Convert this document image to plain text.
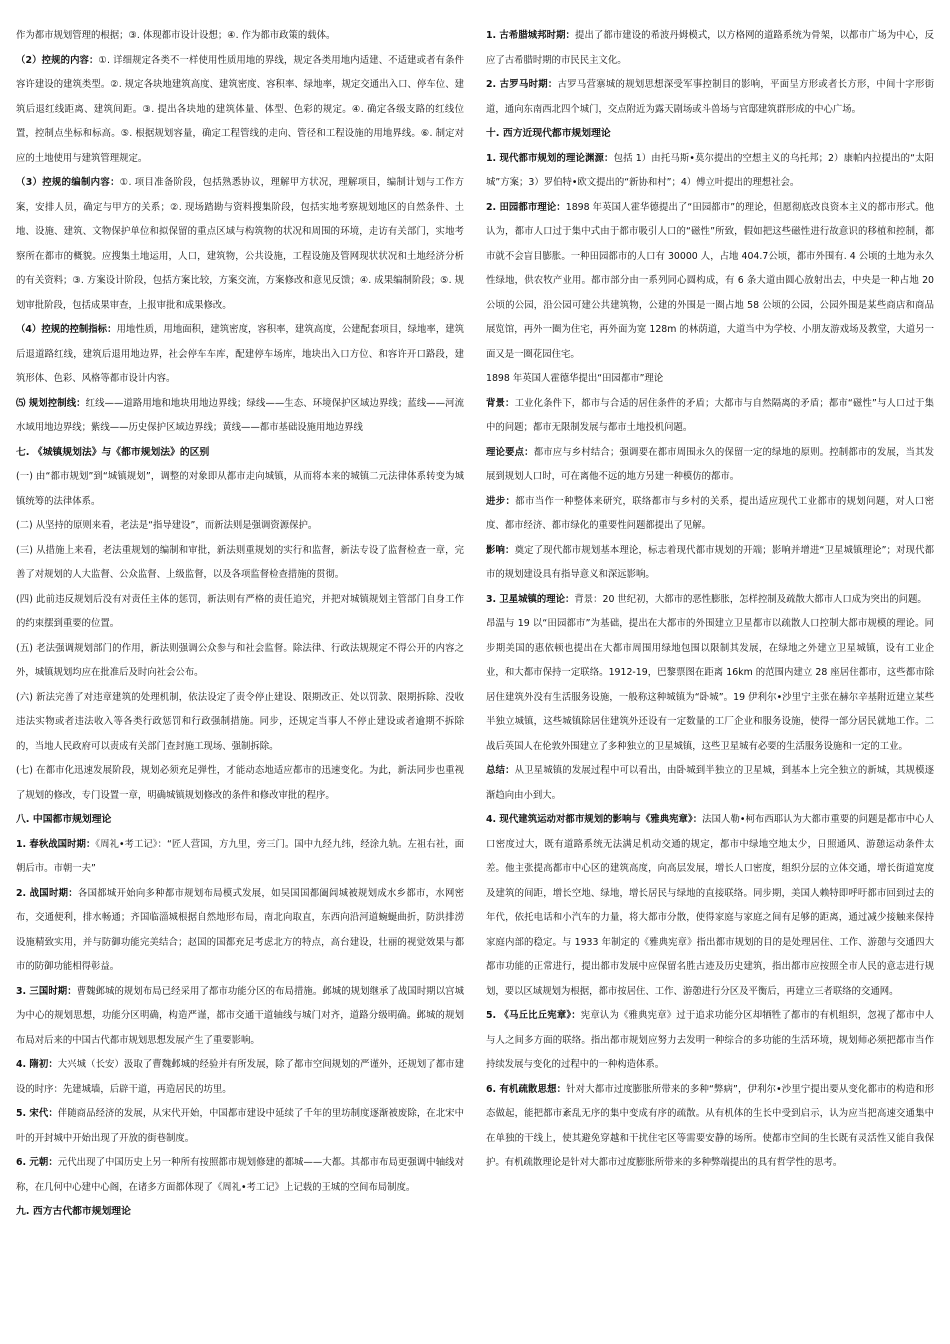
作为都市规划管理的根据；③. 体现都市设计设想；④. 作为都市政策的载体。

（2）控规的内容：①. 详细规定各类不一样使用性质用地的界线，规定各类用地内适建、不适建或者有条件容许建设的建筑类型。②. 规定各块地建筑高度、建筑密度、容积率、绿地率，规定交通出入口、停车位、建筑后退红线距离、建筑间距。③. 提出各块地的建筑体量、体型、色彩的规定。④. 确定各级支路的红线位置，控制点坐标和标高。⑤. 根据规划容量，确定工程管线的走向、管径和工程设施的用地界线。⑥. 制定对应的土地使用与建筑管理规定。

（3）控规的编制内容：①. 项目准备阶段，包括熟悉协议，理解甲方状况，理解项目，编制计划与工作方案，安排人员，确定与甲方的关系；②. 现场踏勘与资料搜集阶段，包括实地考察规划地区的自然条件、土地、设施、建筑、文物保护单位和拟保留的重点区域与构筑物的状况和周围的环境，走访有关部门，实地考察所在都市的概貌。应搜集土地运用，人口，建筑物，公共设施，工程设施及管网现状状况和土地经济分析的有关资料；③. 方案设计阶段，包括方案比较，方案交流，方案修改和意见反馈；④. 成果编制阶段；⑤. 规划审批阶段，包括成果审查，上报审批和成果修改。

（4）控规的控制指标：用地性质，用地面积，建筑密度，容积率，建筑高度，公建配套项目，绿地率，建筑后退道路红线，建筑后退用地边界，社会停车车库，配建停车场库，地块出入口方位、和容许开口路段，建筑形体、色彩、风格等都市设计内容。

⑸ 规划控制线：红线——道路用地和地块用地边界线；绿线——生态、环境保护区域边界线；蓝线——河流水域用地边界线；紫线——历史保护区域边界线；黄线——都市基础设施用地边界线

七. 《城镇规划法》与《都市规划法》的区别

(一) 由“都市规划”到“城镇规划”，调整的对象即从都市走向城镇，从而将本来的城镇二元法律体系转变为城镇统筹的法律体系。

(二) 从坚持的原则来看，老法是“指导建设”，而新法则是强调资源保护。

(三) 从措施上来看，老法重规划的编制和审批，新法则重规划的实行和监督，新法专设了监督检查一章，完善了对规划的人大监督、公众监督、上级监督，以及各项监督检查措施的贯彻。

(四) 此前违反规划后没有对责任主体的惩罚，新法则有严格的责任追究，并把对城镇规划主管部门自身工作的约束摆到重要的位置。

(五) 老法强调规划部门的作用，新法则强调公众参与和社会监督。除法律、行政法规规定不得公开的内容之外，城镇规划均应在批准后及时向社会公布。

(六) 新法完善了对违章建筑的处理机制，依法设定了责令停止建设、限期改正、处以罚款、限期拆除、没收违法实物或者违法收入等各类行政惩罚和行政强制措施。同步，还规定当事人不停止建设或者逾期不拆除的，当地人民政府可以责成有关部门查封施工现场、强制拆除。

(七) 在都市化迅速发展阶段，规划必须充足弹性，才能动态地适应都市的迅速变化。为此，新法同步也重视了规划的修改，专门设置一章，明确城镇规划修改的条件和修改审批的程序。

八. 中国都市规划理论

1. 春秋战国时期：《周礼•考工记》：“匠人营国，方九里，旁三门。国中九经九纬，经涂九轨。左祖右社，面朝后市。市朝一夫”

2. 战国时期：各国都城开始向多种都市规划布局模式发展，如吴国国都阖闾城被规划成水乡都市，水网密布，交通便利，排水畅通；齐国临淄城根据自然地形布局，南北向取直，东西向沿河道蜿蜒曲折，防洪排涝设施精致实用，并与防御功能完美结合；赵国的国都充足考虑北方的特点，高台建设，壮丽的视觉效果与都市的防御功能相得彰益。

3. 三国时期：曹魏邺城的规划布局已经采用了都市功能分区的布局措施。邺城的规划继承了战国时期以宫城为中心的规划思想，功能分区明确，构造严谨，都市交通干道轴线与城门对齐，道路分级明确。邺城的规划布局对后来的中国古代都市规划思想发展产生了重要影响。

4. 隋初：大兴城（长安）汲取了曹魏邺城的经验并有所发展，除了都市空间规划的严谨外，还规划了都市建设的时序：先建城墙，后辟干道，再造居民的坊里。

5. 宋代：伴随商品经济的发展，从宋代开始，中国都市建设中延续了千年的里坊制度逐渐被废除，在北宋中叶的开封城中开始出现了开放的街巷制度。

6. 元朝：元代出现了中国历史上另一种所有按照都市规划修建的都城——大都。其都市布局更强调中轴线对称，在几何中心建中心阁，在诸多方面都体现了《周礼•考工记》上记载的王城的空间布局制度。

九. 西方古代都市规划理论

1. 古希腊城邦时期：提出了都市建设的希波丹姆模式，以方格网的道路系统为骨架，以都市广场为中心，反应了古希腊时期的市民民主文化。

2. 古罗马时期：古罗马营寨城的规划思想深受军事控制目的影响，平面呈方形或者长方形，中间十字形街道，通向东南西北四个城门，交点附近为露天剧场或斗兽场与官邸建筑群形成的中心广场。

十. 西方近现代都市规划理论

1. 现代都市规划的理论渊源：包括 1）由托马斯•莫尔提出的空想主义的乌托邦；2）康帕内拉提出的“太阳城”方案；3）罗伯特•欧文提出的“新协和村”；4）傅立叶提出的理想社会。

2. 田园都市理论：1898 年英国人霍华德提出了“田园都市”的理论，但愿彻底改良资本主义的都市形式。他认为，都市人口过于集中式由于都市吸引人口的“磁性”所致，假如把这些磁性进行故意识的移植和控制，都市就不会盲目膨胀。一种田园都市的人口有 30000 人，占地 404.7公顷，都市外围有. 4 公顷的土地为永久性绿地，供农牧产业用。都市部分由一系列同心圆构成，有 6 条大道由圆心放射出去，中央是一种占地 20 公顷的公园，沿公园可建公共建筑物，公建的外围是一圈占地 58 公顷的公园，公园外围是某些商店和商品展览馆，再外一圈为住宅，再外面为宽 128m 的林荫道，大道当中为学校、小朋友游戏场及教堂，大道另一面又是一圈花园住宅。

1898 年英国人霍德华提出“田园都市”理论

背景：工业化条件下，都市与合适的居住条件的矛盾；大都市与自然隔离的矛盾；都市“磁性”与人口过于集中的问题；都市无限制发展与都市土地投机问题。

理论要点：都市应与乡村结合；强调要在都市周围永久的保留一定的绿地的原则。控制都市的发展，当其发展到规划人口时，可在离他不远的地方另建一种模仿的都市。

进步：都市当作一种整体来研究，联络都市与乡村的关系，提出适应现代工业都市的规划问题，对人口密度、都市经济、都市绿化的重要性问题都提出了见解。

影响：奠定了现代都市规划基本理论，标志着现代都市规划的开端；影响并增进“卫星城镇理论”；对现代都市的规划建设具有指导意义和深远影响。

3. 卫星城镇的理论：背景：20 世纪初，大都市的恶性膨胀，怎样控制及疏散大都市人口成为突出的问题。

昂温与 19 以“田园都市”为基础，提出在大都市的外围建立卫星都市以疏散人口控制大都市规模的理论。同步期美国的惠依顿也提出在大都市周围用绿地包围以限制其发展，在绿地之外建立卫星城镇，设有工业企业，和大都市保持一定联络。1912-19，巴黎票图在距离 16km 的范围内建立 28 座居住都市，这些都市除居住建筑外没有生活服务设施，一般称这种城镇为“卧城”。19 伊利尔•沙里宁主张在赫尔辛基附近建立某些半独立城镇，这些城镇除居住建筑外还设有一定数量的工厂企业和服务设施，使得一部分居民就地工作。二战后英国人在伦敦外围建立了多种独立的卫星城镇，这些卫星城有必要的生活服务设施和一定的工业。

总结：从卫星城镇的发展过程中可以看出，由卧城到半独立的卫星城，到基本上完全独立的新城，其规模逐渐趋向由小到大。

4. 现代建筑运动对都市规划的影响与《雅典宪章》：法国人勒•柯布西耶认为大都市重要的问题是都市中心人口密度过大，既有道路系统无法满足机动交通的规定，都市中绿地空地太少，日照通风、游憩运动条件太差。他主张提高都市中心区的建筑高度，向高层发展，增长人口密度，组织分层的立体交通，增长街道宽度及建筑的间距，增长空地、绿地，增长居民与绿地的直接联络。同步期，美国人赖特即呼吁都市回到过去的年代，依托电话和小汽车的力量，将大都市分散，使得家庭与家庭之间有足够的距离，通过减少接触来保持家庭内部的稳定。与 1933 年制定的《雅典宪章》指出都市规划的目的是处理居住、工作、游憩与交通四大都市功能的正常进行，提出都市发展中应保留名胜古迹及历史建筑，指出都市应按照全市人民的意志进行规划，要以区域规划为根据，都市按居住、工作、游憩进行分区及平衡后，再建立三者联络的交通网。

5. 《马丘比丘宪章》：宪章认为《雅典宪章》过于追求功能分区却牺牲了都市的有机组织，忽视了都市中人与人之间多方面的联络。指出都市规划应努力去发明一种综合的多功能的生活环境，规划师必须把都市当作持续发展与变化的过程中的一种构造体系。

6. 有机疏散思想：针对大都市过度膨胀所带来的多种“弊病”，伊利尔•沙里宁提出要从变化都市的构造和形态做起，能把都市紊乱无序的集中变成有序的疏散。从有机体的生长中受到启示，认为应当把高速交通集中在单独的干线上，使其避免穿越和干扰住宅区等需要安静的场所。使都市空间的生长既有灵活性又能自我保护。有机疏散理论是针对大都市过度膨胀所带来的多种弊端提出的具有哲学性的思考。
